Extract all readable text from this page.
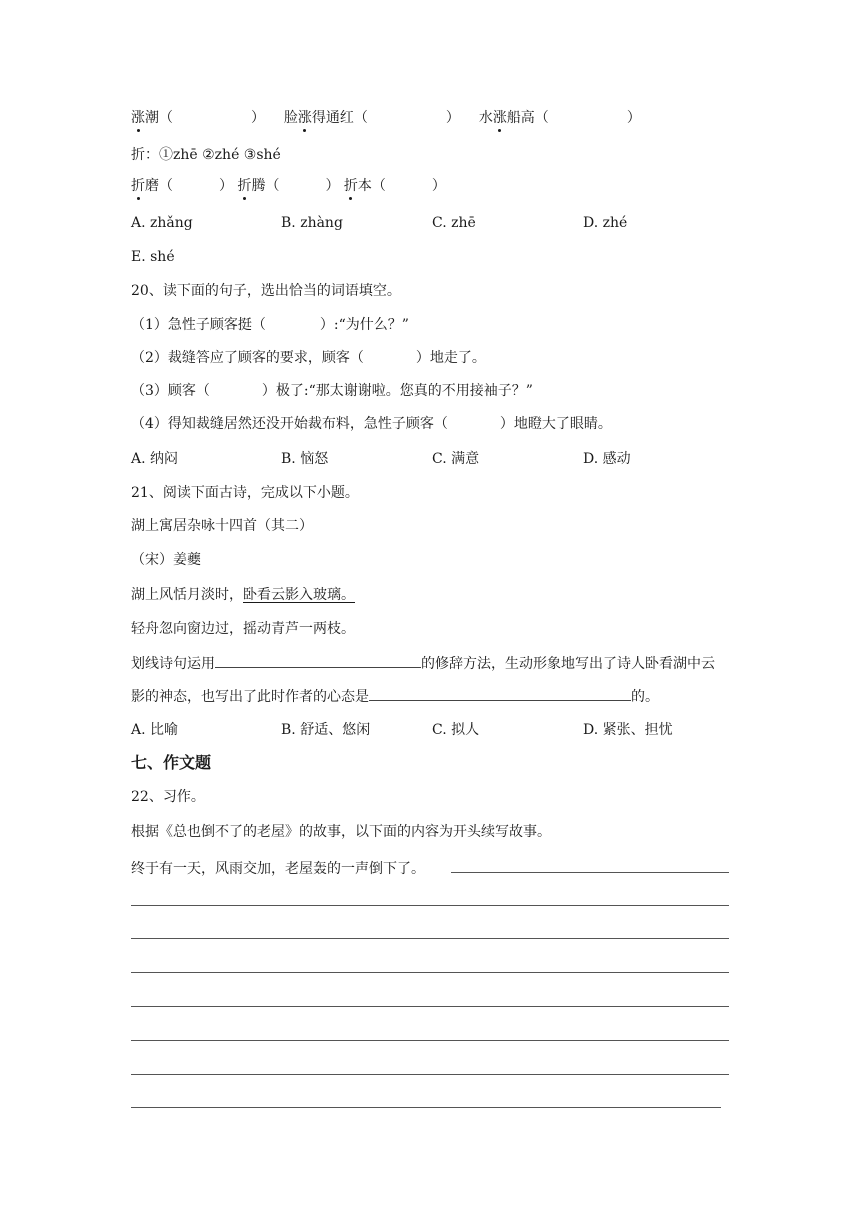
涨潮（	） 脸涨得通红（	） 水涨船高（	）
折：①zhē ②zhé ③shé
折磨（	） 折腾（	） 折本（	）
A. zhǎng	B. zhàng	C. zhē	D. zhé
E. shé
20、读下面的句子，选出恰当的词语填空。
（1）急性子顾客挺（	）:“为什么？”
（2）裁缝答应了顾客的要求，顾客（	）地走了。
（3）顾客（	）极了:“那太谢谢啦。您真的不用接袖子？”
（4）得知裁缝居然还没开始裁布料，急性子顾客（	）地瞪大了眼睛。
A. 纳闷	B. 恼怒	C. 满意	D. 感动
21、阅读下面古诗，完成以下小题。
湖上寓居杂咏十四首（其二）
（宋）姜夔
湖上风恬月淡时，卧看云影入玻璃。
轻舟忽向窗边过，摇动青芦一两枝。
划线诗句运用	的修辞方法，生动形象地写出了诗人卧看湖中云
影的神态，也写出了此时作者的心态是	的。
A. 比喻	B. 舒适、悠闲	C. 拟人	D. 紧张、担忧
七、作文题
22、习作。
根据《总也倒不了的老屋》的故事，以下面的内容为开头续写故事。
终于有一天，风雨交加，老屋轰的一声倒下了。
